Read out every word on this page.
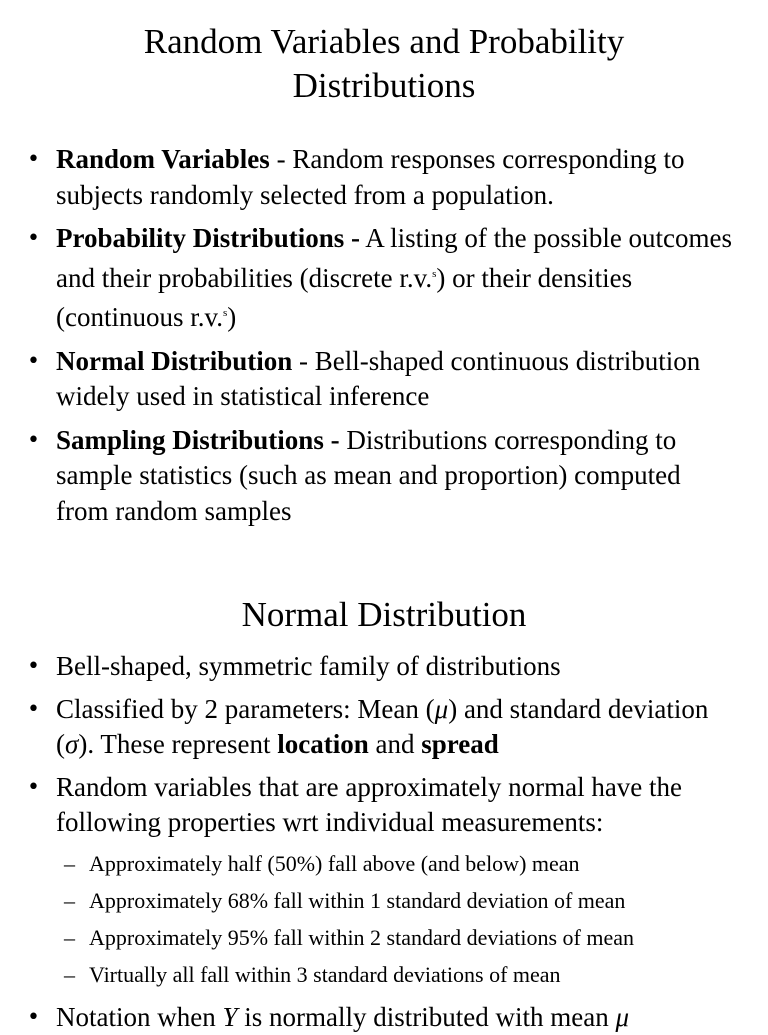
Random Variables and Probability
Distributions
• Random Variables - Random responses corresponding to subjects randomly selected from a population.
• Probability Distributions - A listing of the possible outcomes and their probabilities (discrete r.v.$^s$) or their densities (continuous r.v.$^s$)
• Normal Distribution - Bell-shaped continuous distribution widely used in statistical inference
• Sampling Distributions - Distributions corresponding to sample statistics (such as mean and proportion) computed from random samples
Normal Distribution
• Bell-shaped, symmetric family of distributions
• Classified by 2 parameters: Mean (μ) and standard deviation (σ). These represent location and spread
• Random variables that are approximately normal have the following properties wrt individual measurements:
– Approximately half (50%) fall above (and below) mean
– Approximately 68% fall within 1 standard deviation of mean
– Approximately 95% fall within 2 standard deviations of mean
– Virtually all fall within 3 standard deviations of mean
• Notation when Y is normally distributed with mean μ
